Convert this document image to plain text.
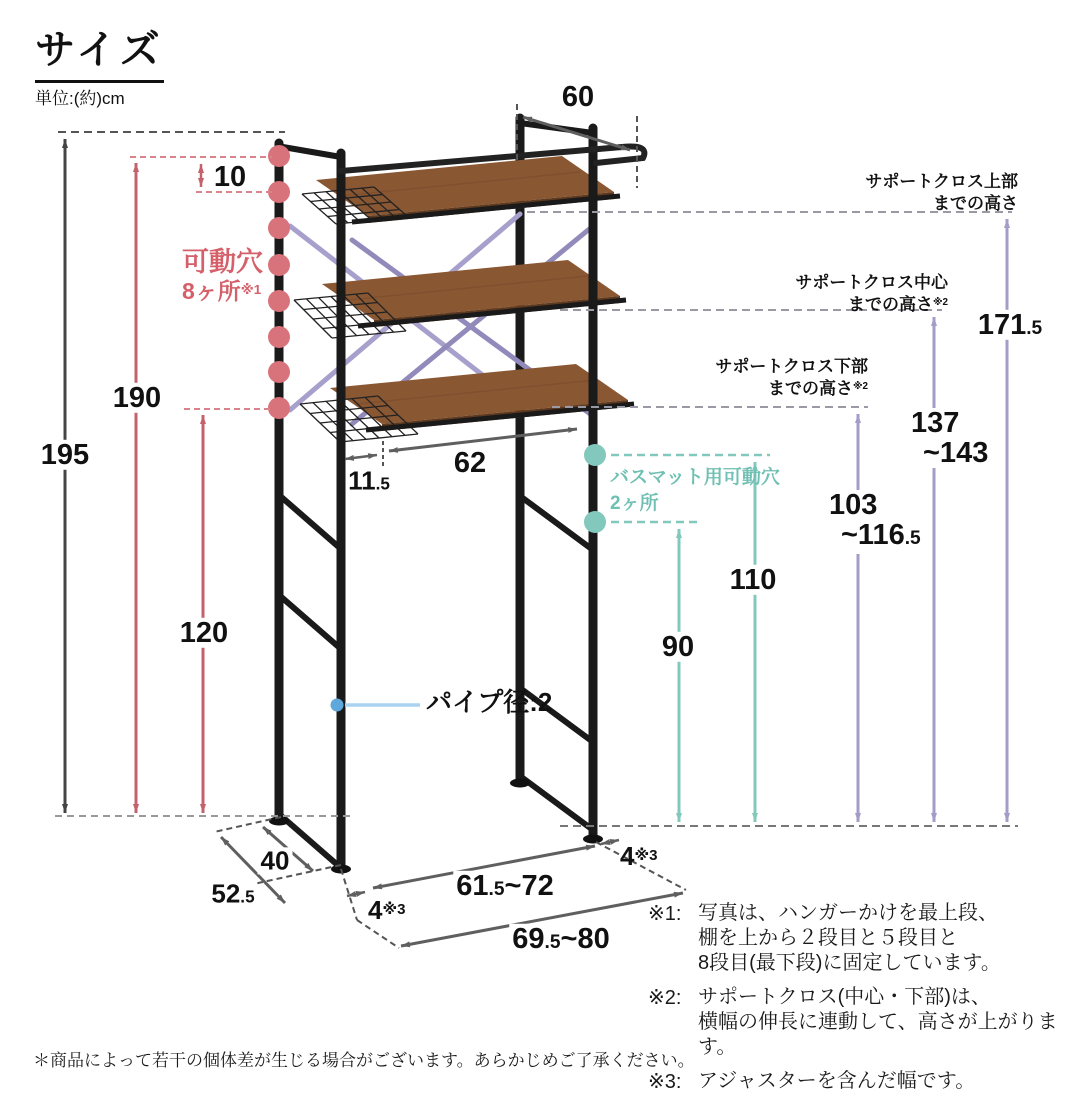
サイズ
単位:(約)cm
195
190
120
10
60
62
11.5
40
52.5	61.5~72
69.5~80
4$^{※3}$
4$^{※3}$
171.5
137
~143
103
~116.5
110
90
パイプ径:2
可動穴
8ヶ所$^{※1}$
バスマット用可動穴
2ヶ所
サポートクロス上部
までの高さ
サポートクロス中心
までの高さ$^{※2}$
サポートクロス下部
までの高さ$^{※2}$
※1: 写真は、ハンガーかけを最上段、
棚を上から２段目と５段目と
8段目(最下段)に固定しています。
※2: サポートクロス(中心・下部)は、
横幅の伸長に連動して、高さが上がります。
※3: アジャスターを含んだ幅です。
＊商品によって若干の個体差が生じる場合がございます。あらかじめご了承ください。
